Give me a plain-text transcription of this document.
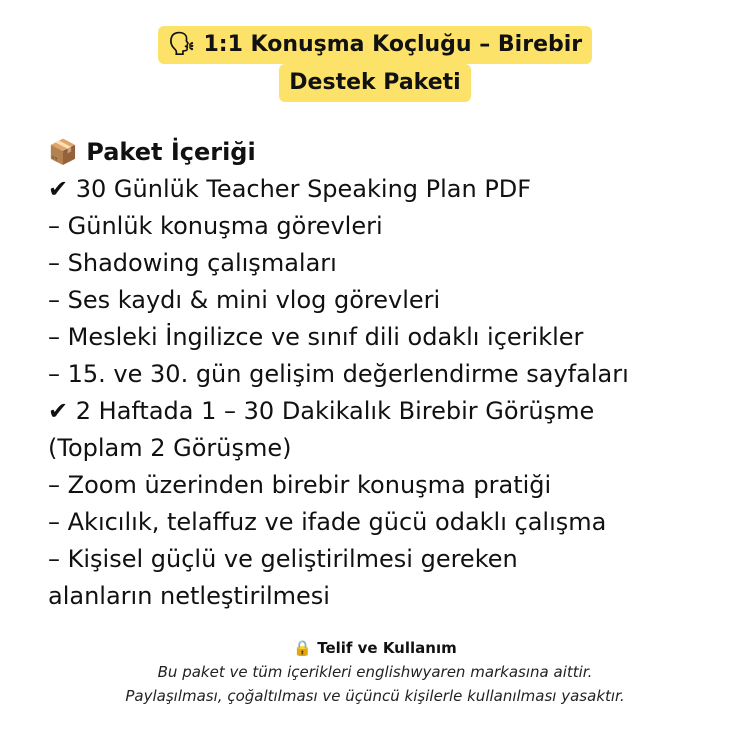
🗣 1:1 Konuşma Koçluğu – Birebir
Destek Paketi
📦 Paket İçeriği
✔ 30 Günlük Teacher Speaking Plan PDF
– Günlük konuşma görevleri
– Shadowing çalışmaları
– Ses kaydı & mini vlog görevleri
– Mesleki İngilizce ve sınıf dili odaklı içerikler
– 15. ve 30. gün gelişim değerlendirme sayfaları
✔ 2 Haftada 1 – 30 Dakikalık Birebir Görüşme
(Toplam 2 Görüşme)
– Zoom üzerinden birebir konuşma pratiği
– Akıcılık, telaffuz ve ifade gücü odaklı çalışma
– Kişisel güçlü ve geliştirilmesi gereken
alanların netleştirilmesi
🔒 Telif ve Kullanım
Bu paket ve tüm içerikleri englishwyaren markasına aittir.
Paylaşılması, çoğaltılması ve üçüncü kişilerle kullanılması yasaktır.
